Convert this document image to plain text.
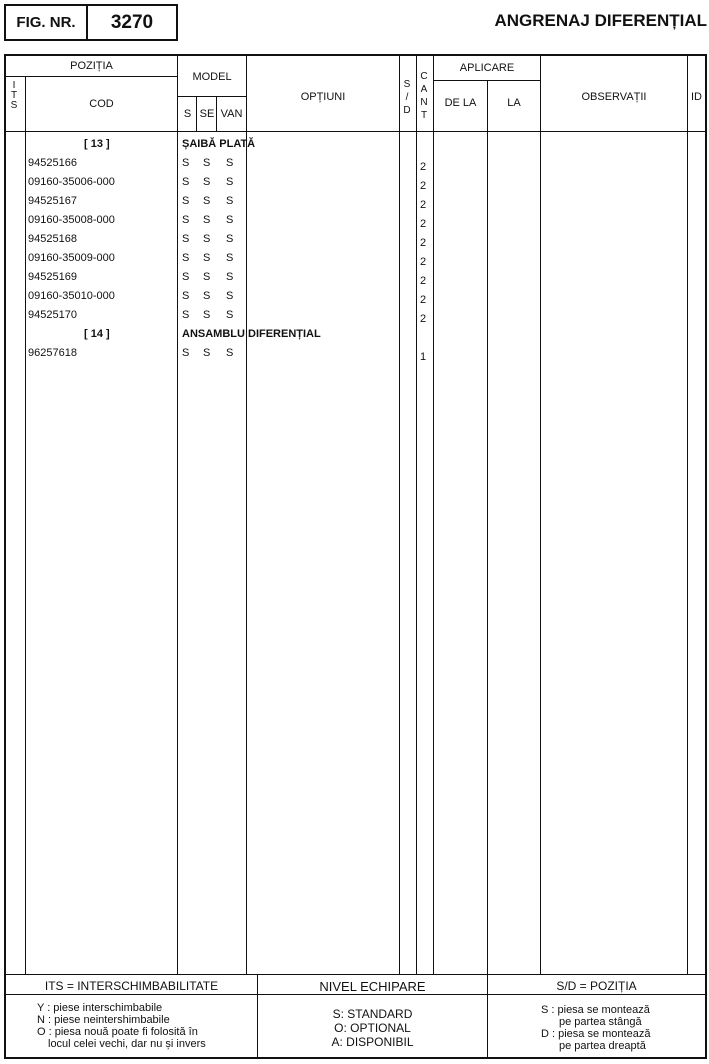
FIG. NR.	3270	ANGRENAJ DIFERENȚIAL
POZIȚIA
I
T
S	COD
MODEL
S SE VAN
OPȚIUNI
S
/
D
C
A
N
T
APLICARE
DE LA	LA	OBSERVAȚII	ID
[ 13 ]	ȘAIBĂ PLATĂ
94525166	S S S	2
09160-35006-000	S S S	2
94525167	S S S	2
09160-35008-000	S S S	2
94525168	S S S	2
09160-35009-000	S S S	2
94525169	S S S	2
09160-35010-000	S S S	2
94525170	S S S	2
[ 14 ]	ANSAMBLU DIFERENȚIAL
96257618	S S S	1
ITS = INTERSCHIMBABILITATE	NIVEL ECHIPARE	S/D = POZIȚIA
Y : piese interschimbabile
N : piese neintershimbabile
O : piesa nouă poate fi folosită în
locul celei vechi, dar nu și invers
S: STANDARD
O: OPTIONAL
A: DISPONIBIL
S : piesa se montează
pe partea stângă
D : piesa se montează
pe partea dreaptă
